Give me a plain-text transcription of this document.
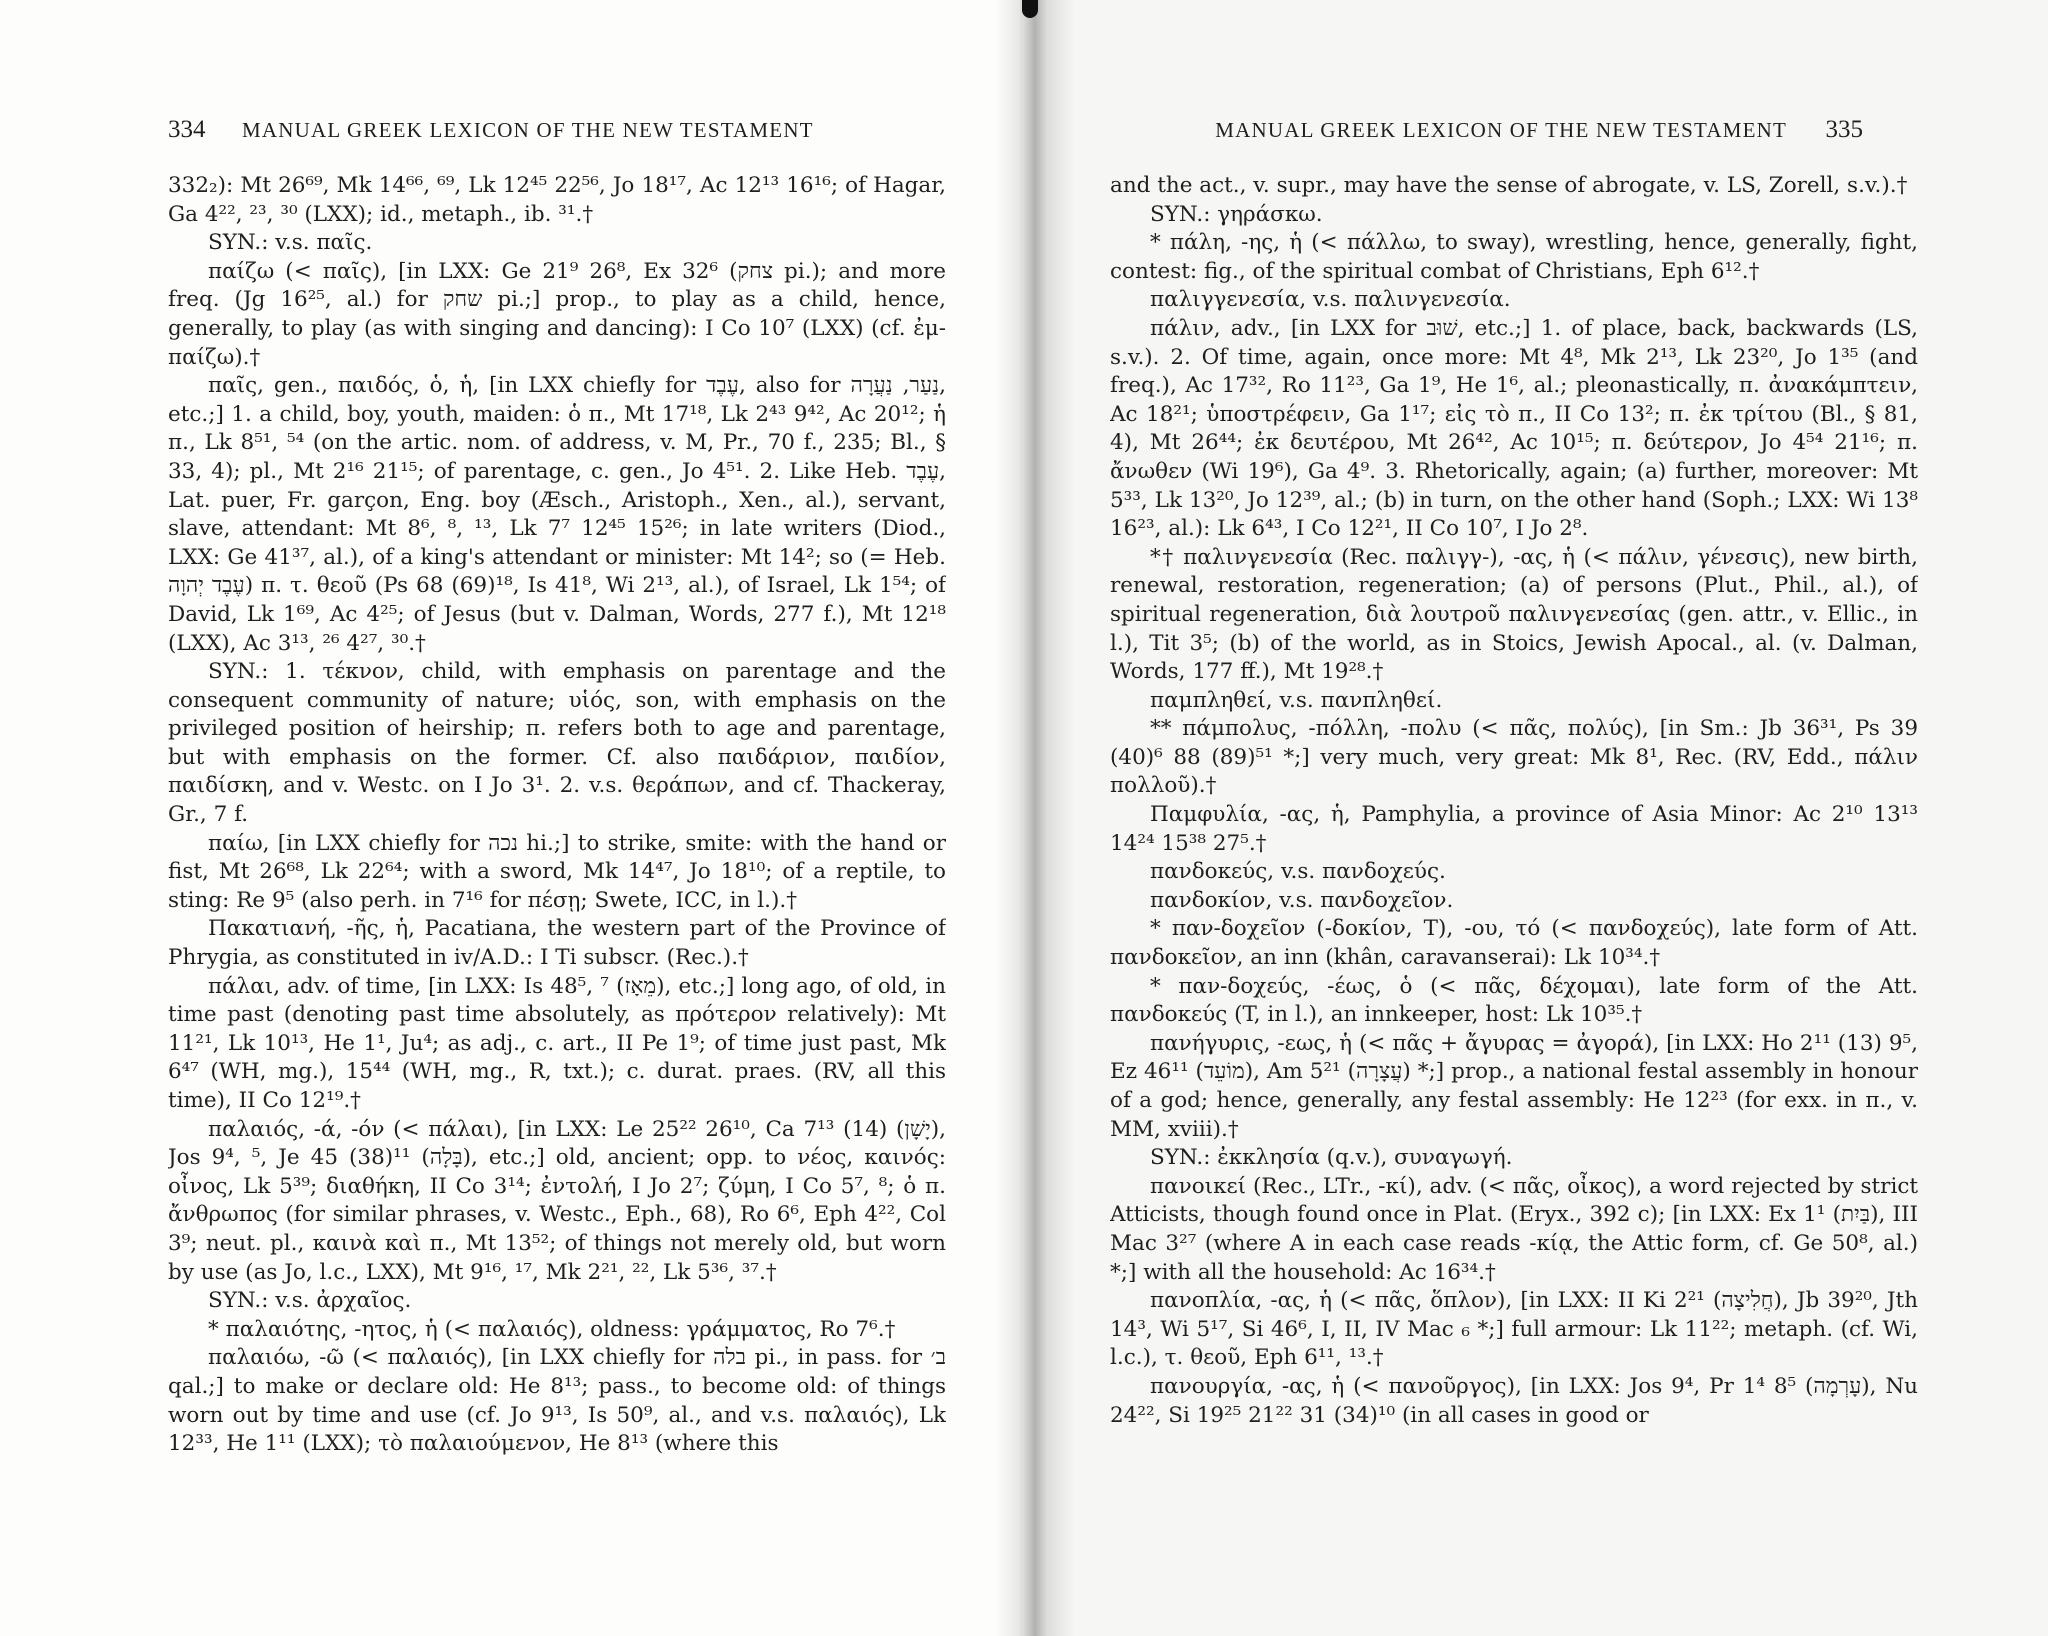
334 MANUAL GREEK LEXICON OF THE NEW TESTAMENT

332₂): Mt 26⁶⁹, Mk 14⁶⁶, ⁶⁹, Lk 12⁴⁵ 22⁵⁶, Jo 18¹⁷, Ac 12¹³ 16¹⁶; of Hagar, Ga 4²², ²³, ³⁰ (LXX); id., metaph., ib. ³¹.†

SYN.: v.s. παῖς.

παίζω (< παῖς), [in LXX: Ge 21⁹ 26⁸, Ex 32⁶ (צחק pi.); and more freq. (Jg 16²⁵, al.) for שחק pi.;] prop., to play as a child, hence, generally, to play (as with singing and dancing): I Co 10⁷ (LXX) (cf. ἐμ-παίζω).†

παῖς, gen., παιδός, ὁ, ἡ, [in LXX chiefly for עֶבֶד, also for נַעַר, נַעֲרָה, etc.;] 1. a child, boy, youth, maiden: ὁ π., Mt 17¹⁸, Lk 2⁴³ 9⁴², Ac 20¹²; ἡ π., Lk 8⁵¹, ⁵⁴ (on the artic. nom. of address, v. M, Pr., 70 f., 235; Bl., § 33, 4); pl., Mt 2¹⁶ 21¹⁵; of parentage, c. gen., Jo 4⁵¹. 2. Like Heb. עֶבֶד, Lat. puer, Fr. garçon, Eng. boy (Æsch., Aristoph., Xen., al.), servant, slave, attendant: Mt 8⁶, ⁸, ¹³, Lk 7⁷ 12⁴⁵ 15²⁶; in late writers (Diod., LXX: Ge 41³⁷, al.), of a king's attendant or minister: Mt 14²; so (= Heb. עֶבֶד יְהוָה) π. τ. θεοῦ (Ps 68 (69)¹⁸, Is 41⁸, Wi 2¹³, al.), of Israel, Lk 1⁵⁴; of David, Lk 1⁶⁹, Ac 4²⁵; of Jesus (but v. Dalman, Words, 277 f.), Mt 12¹⁸ (LXX), Ac 3¹³, ²⁶ 4²⁷, ³⁰.†

SYN.: 1. τέκνον, child, with emphasis on parentage and the consequent community of nature; υἱός, son, with emphasis on the privileged position of heirship; π. refers both to age and parentage, but with emphasis on the former. Cf. also παιδάριον, παιδίον, παιδίσκη, and v. Westc. on I Jo 3¹. 2. v.s. θεράπων, and cf. Thackeray, Gr., 7 f.

παίω, [in LXX chiefly for נכה hi.;] to strike, smite: with the hand or fist, Mt 26⁶⁸, Lk 22⁶⁴; with a sword, Mk 14⁴⁷, Jo 18¹⁰; of a reptile, to sting: Re 9⁵ (also perh. in 7¹⁶ for πέσῃ; Swete, ICC, in l.).†

Πακατιανή, -ῆς, ἡ, Pacatiana, the western part of the Province of Phrygia, as constituted in iv/A.D.: I Ti subscr. (Rec.).†

πάλαι, adv. of time, [in LXX: Is 48⁵, ⁷ (מֵאָז), etc.;] long ago, of old, in time past (denoting past time absolutely, as πρότερον relatively): Mt 11²¹, Lk 10¹³, He 1¹, Ju⁴; as adj., c. art., II Pe 1⁹; of time just past, Mk 6⁴⁷ (WH, mg.), 15⁴⁴ (WH, mg., R, txt.); c. durat. praes. (RV, all this time), II Co 12¹⁹.†

παλαιός, -ά, -όν (< πάλαι), [in LXX: Le 25²² 26¹⁰, Ca 7¹³ (14) (יָשָׁן), Jos 9⁴, ⁵, Je 45 (38)¹¹ (בָּלָה), etc.;] old, ancient; opp. to νέος, καινός: οἶνος, Lk 5³⁹; διαθήκη, II Co 3¹⁴; ἐντολή, I Jo 2⁷; ζύμη, I Co 5⁷, ⁸; ὁ π. ἄνθρωπος (for similar phrases, v. Westc., Eph., 68), Ro 6⁶, Eph 4²², Col 3⁹; neut. pl., καινὰ καὶ π., Mt 13⁵²; of things not merely old, but worn by use (as Jo, l.c., LXX), Mt 9¹⁶, ¹⁷, Mk 2²¹, ²², Lk 5³⁶, ³⁷.†

SYN.: v.s. ἀρχαῖος.

* παλαιότης, -ητος, ἡ (< παλαιός), oldness: γράμματος, Ro 7⁶.†

παλαιόω, -ῶ (< παλαιός), [in LXX chiefly for בלה pi., in pass. for ב׳ qal.;] to make or declare old: He 8¹³; pass., to become old: of things worn out by time and use (cf. Jo 9¹³, Is 50⁹, al., and v.s. παλαιός), Lk 12³³, He 1¹¹ (LXX); τὸ παλαιούμενον, He 8¹³ (where this

MANUAL GREEK LEXICON OF THE NEW TESTAMENT 335

and the act., v. supr., may have the sense of abrogate, v. LS, Zorell, s.v.).†

SYN.: γηράσκω.

* πάλη, -ης, ἡ (< πάλλω, to sway), wrestling, hence, generally, fight, contest: fig., of the spiritual combat of Christians, Eph 6¹².†

παλιγγενεσία, v.s. παλινγενεσία.

πάλιν, adv., [in LXX for שׁוּב, etc.;] 1. of place, back, backwards (LS, s.v.). 2. Of time, again, once more: Mt 4⁸, Mk 2¹³, Lk 23²⁰, Jo 1³⁵ (and freq.), Ac 17³², Ro 11²³, Ga 1⁹, He 1⁶, al.; pleonastically, π. ἀνακάμπτειν, Ac 18²¹; ὑποστρέφειν, Ga 1¹⁷; εἰς τὸ π., II Co 13²; π. ἐκ τρίτου (Bl., § 81, 4), Mt 26⁴⁴; ἐκ δευτέρου, Mt 26⁴², Ac 10¹⁵; π. δεύτερον, Jo 4⁵⁴ 21¹⁶; π. ἄνωθεν (Wi 19⁶), Ga 4⁹. 3. Rhetorically, again; (a) further, moreover: Mt 5³³, Lk 13²⁰, Jo 12³⁹, al.; (b) in turn, on the other hand (Soph.; LXX: Wi 13⁸ 16²³, al.): Lk 6⁴³, I Co 12²¹, II Co 10⁷, I Jo 2⁸.

*† παλινγενεσία (Rec. παλιγγ-), -ας, ἡ (< πάλιν, γένεσις), new birth, renewal, restoration, regeneration; (a) of persons (Plut., Phil., al.), of spiritual regeneration, διὰ λουτροῦ παλινγενεσίας (gen. attr., v. Ellic., in l.), Tit 3⁵; (b) of the world, as in Stoics, Jewish Apocal., al. (v. Dalman, Words, 177 ff.), Mt 19²⁸.†

παμπληθεί, v.s. πανπληθεί.

** πάμπολυς, -πόλλη, -πολυ (< πᾶς, πολύς), [in Sm.: Jb 36³¹, Ps 39 (40)⁶ 88 (89)⁵¹ *;] very much, very great: Mk 8¹, Rec. (RV, Edd., πάλιν πολλοῦ).†

Παμφυλία, -ας, ἡ, Pamphylia, a province of Asia Minor: Ac 2¹⁰ 13¹³ 14²⁴ 15³⁸ 27⁵.†

πανδοκεύς, v.s. πανδοχεύς.

πανδοκίον, v.s. πανδοχεῖον.

* παν-δοχεῖον (-δοκίον, T), -ου, τό (< πανδοχεύς), late form of Att. πανδοκεῖον, an inn (khân, caravanserai): Lk 10³⁴.†

* παν-δοχεύς, -έως, ὁ (< πᾶς, δέχομαι), late form of the Att. πανδοκεύς (T, in l.), an innkeeper, host: Lk 10³⁵.†

πανήγυρις, -εως, ἡ (< πᾶς + ἄγυρας = ἀγορά), [in LXX: Ho 2¹¹ (13) 9⁵, Ez 46¹¹ (מוֹעֵד), Am 5²¹ (עֲצָרָה) *;] prop., a national festal assembly in honour of a god; hence, generally, any festal assembly: He 12²³ (for exx. in π., v. MM, xviii).†

SYN.: ἐκκλησία (q.v.), συναγωγή.

πανοικεί (Rec., LTr., -κί), adv. (< πᾶς, οἶκος), a word rejected by strict Atticists, though found once in Plat. (Eryx., 392 c); [in LXX: Ex 1¹ (בַּיִת), III Mac 3²⁷ (where A in each case reads -κίᾳ, the Attic form, cf. Ge 50⁸, al.) *;] with all the household: Ac 16³⁴.†

πανοπλία, -ας, ἡ (< πᾶς, ὅπλον), [in LXX: II Ki 2²¹ (חֲלִיצָה), Jb 39²⁰, Jth 14³, Wi 5¹⁷, Si 46⁶, I, II, IV Mac ₆ *;] full armour: Lk 11²²; metaph. (cf. Wi, l.c.), τ. θεοῦ, Eph 6¹¹, ¹³.†

πανουργία, -ας, ἡ (< πανοῦργος), [in LXX: Jos 9⁴, Pr 1⁴ 8⁵ (עָרְמָה), Nu 24²², Si 19²⁵ 21²² 31 (34)¹⁰ (in all cases in good or
